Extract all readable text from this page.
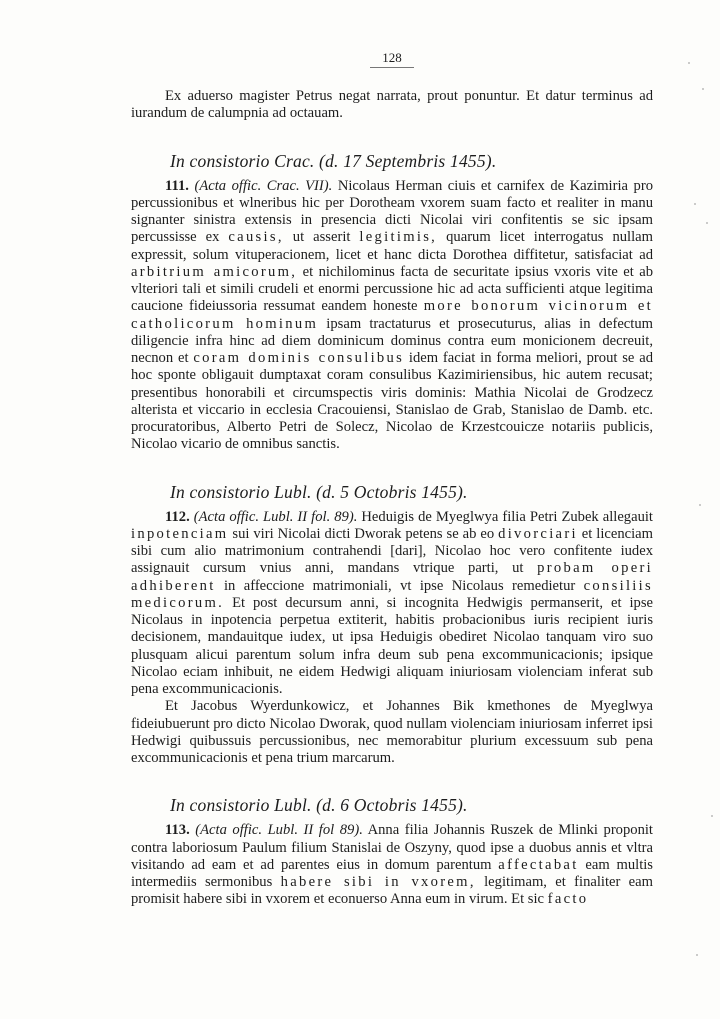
128

Ex aduerso magister Petrus negat narrata, prout ponuntur. Et datur terminus ad iurandum de calumpnia ad octauam.

In consistorio Crac. (d. 17 Septembris 1455).

111. (Acta offic. Crac. VII). Nicolaus Herman ciuis et carnifex de Kazimiria pro percussionibus et wlneribus hic per Dorotheam vxorem suam facto et realiter in manu signanter sinistra extensis in presencia dicti Nicolai viri confitentis se sic ipsam percussisse ex causis, ut asserit legitimis, quarum licet interrogatus nullam expressit, solum vituperacionem, licet et hanc dicta Dorothea diffitetur, satisfaciat ad arbitrium amicorum, et nichilominus facta de securitate ipsius vxoris vite et ab vlteriori tali et simili crudeli et enormi percussione hic ad acta sufficienti atque legitima caucione fideiussoria ressumat eandem honeste more bonorum vicinorum et catholicorum hominum ipsam tractaturus et prosecuturus, alias in defectum diligencie infra hinc ad diem dominicum dominus contra eum monicionem decreuit, necnon et coram dominis consulibus idem faciat in forma meliori, prout se ad hoc sponte obligauit dumptaxat coram consulibus Kazimiriensibus, hic autem recusat; presentibus honorabili et circumspectis viris dominis: Mathia Nicolai de Grodzecz alterista et viccario in ecclesia Cracouiensi, Stanislao de Grab, Stanislao de Damb. etc. procuratoribus, Alberto Petri de Solecz, Nicolao de Krzestcouicze notariis publicis, Nicolao vicario de omnibus sanctis.

In consistorio Lubl. (d. 5 Octobris 1455).

112. (Acta offic. Lubl. II fol. 89). Heduigis de Myeglwya filia Petri Zubek allegauit inpotenciam sui viri Nicolai dicti Dworak petens se ab eo divorciari et licenciam sibi cum alio matrimonium contrahendi [dari], Nicolao hoc vero confitente iudex assignauit cursum vnius anni, mandans vtrique parti, ut probam operi adhiberent in affeccione matrimoniali, vt ipse Nicolaus remedietur consiliis medicorum. Et post decursum anni, si incognita Hedwigis permanserit, et ipse Nicolaus in inpotencia perpetua extiterit, habitis probacionibus iuris recipient iuris decisionem, mandauitque iudex, ut ipsa Heduigis obediret Nicolao tanquam viro suo plusquam alicui parentum solum infra deum sub pena excommunicacionis; ipsique Nicolao eciam inhibuit, ne eidem Hedwigi aliquam iniuriosam violenciam inferat sub pena excommunicacionis.

Et Jacobus Wyerdunkowicz, et Johannes Bik kmethones de Myeglwya fideiubuerunt pro dicto Nicolao Dworak, quod nullam violenciam iniuriosam inferret ipsi Hedwigi quibussuis percussionibus, nec memorabitur plurium excessuum sub pena excommunicacionis et pena trium marcarum.

In consistorio Lubl. (d. 6 Octobris 1455).

113. (Acta offic. Lubl. II fol 89). Anna filia Johannis Ruszek de Mlinki proponit contra laboriosum Paulum filium Stanislai de Oszyny, quod ipse a duobus annis et vltra visitando ad eam et ad parentes eius in domum parentum affectabat eam multis intermediis sermonibus habere sibi in vxorem, legitimam, et finaliter eam promisit habere sibi in vxorem et econuerso Anna eum in virum. Et sic facto
